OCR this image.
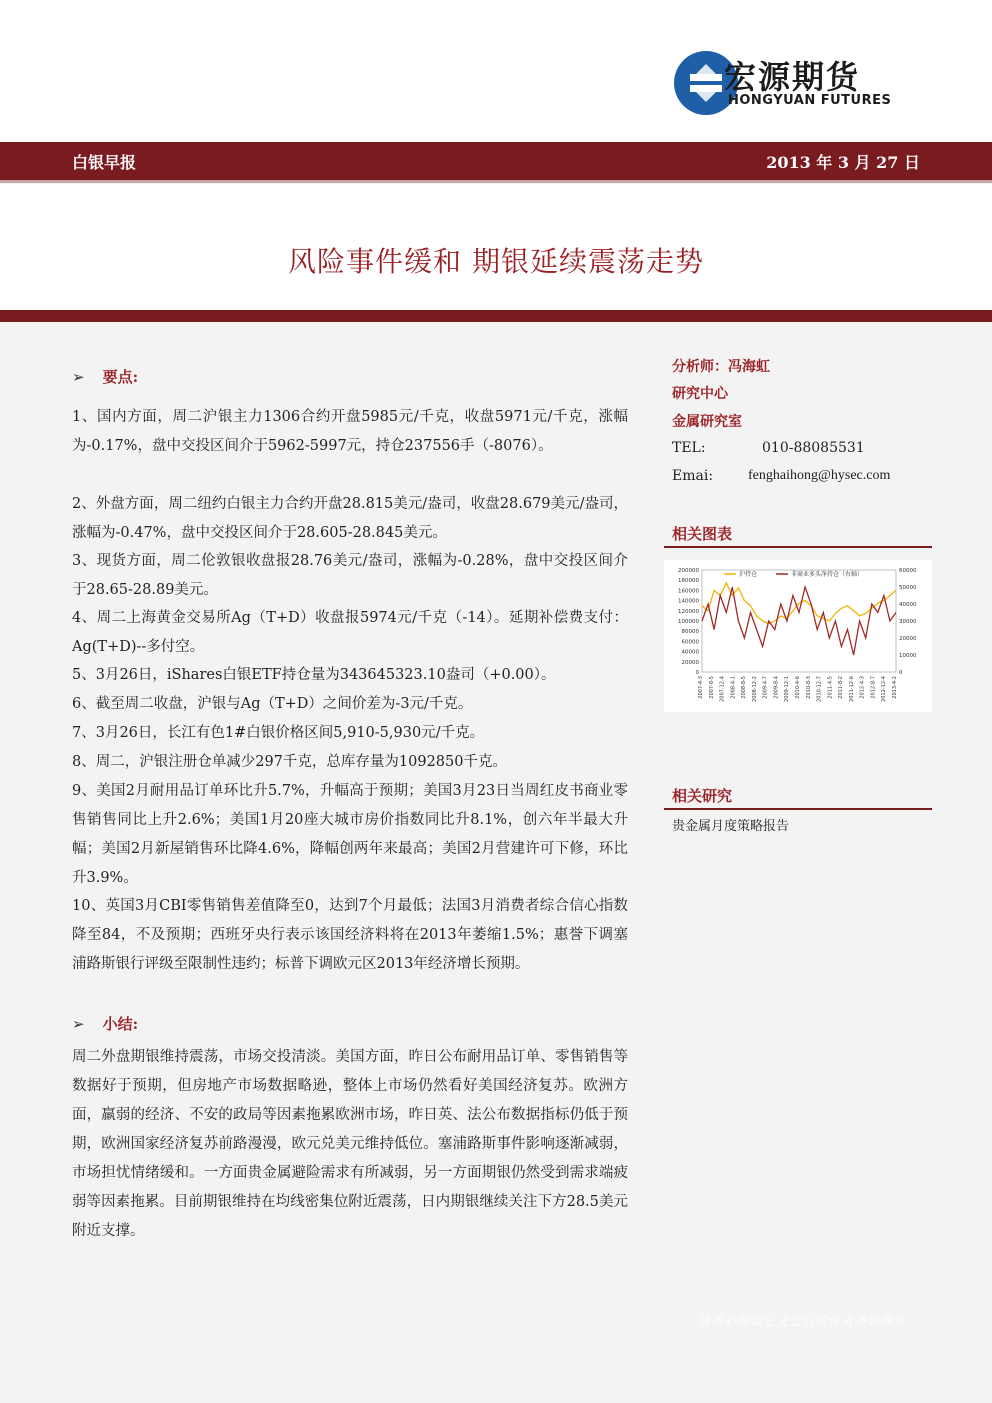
宏源期货
HONGYUAN FUTURES
白银早报	2013 年 3 月 27 日
风险事件缓和 期银延续震荡走势
➢ 要点:
1、国内方面，周二沪银主力1306合约开盘5985元/千克，收盘5971元/千克，涨幅为-0.17%，盘中交投区间介于5962-5997元，持仓237556手（-8076）。
2、外盘方面，周二纽约白银主力合约开盘28.815美元/盎司，收盘28.679美元/盎司，涨幅为-0.47%，盘中交投区间介于28.605-28.845美元。
3、现货方面，周二伦敦银收盘报28.76美元/盎司，涨幅为-0.28%，盘中交投区间介于28.65-28.89美元。
4、周二上海黄金交易所Ag（T+D）收盘报5974元/千克（-14）。延期补偿费支付：Ag(T+D)--多付空。
5、3月26日，iShares白银ETF持仓量为343645323.10盎司（+0.00）。
6、截至周二收盘，沪银与Ag（T+D）之间价差为-3元/千克。
7、3月26日，长江有色1#白银价格区间5,910-5,930元/千克。
8、周二，沪银注册仓单减少297千克，总库存量为1092850千克。
9、美国2月耐用品订单环比升5.7%，升幅高于预期；美国3月23日当周红皮书商业零售销售同比上升2.6%；美国1月20座大城市房价指数同比升8.1%，创六年半最大升幅；美国2月新屋销售环比降4.6%，降幅创两年来最高；美国2月营建许可下修，环比升3.9%。
10、英国3月CBI零售销售差值降至0，达到7个月最低；法国3月消费者综合信心指数降至84，不及预期；西班牙央行表示该国经济料将在2013年萎缩1.5%；惠誉下调塞浦路斯银行评级至限制性违约；标普下调欧元区2013年经济增长预期。
➢ 小结:
周二外盘期银维持震荡，市场交投清淡。美国方面，昨日公布耐用品订单、零售销售等数据好于预期，但房地产市场数据略逊，整体上市场仍然看好美国经济复苏。欧洲方面，羸弱的经济、不安的政局等因素拖累欧洲市场，昨日英、法公布数据指标仍低于预期，欧洲国家经济复苏前路漫漫，欧元兑美元维持低位。塞浦路斯事件影响逐渐减弱，市场担忧情绪缓和。一方面贵金属避险需求有所减弱，另一方面期银仍然受到需求端疲弱等因素拖累。目前期银维持在均线密集位附近震荡，日内期银继续关注下方28.5美元附近支撑。
分析师：冯海虹
研究中心
金属研究室
TEL:	010-88085531
Emai: fenghaihong@hysec.com
相关图表
200000
180000
160000
140000
120000
100000
80000
60000
40000
20000
0
60000
50000
40000
30000
20000
10000
0
2007-4-3 2007-8-5 2007-12-4 2008-4-1 2008-8-5 2008-12-2 2009-4-7 2009-8-4 2009-12-1 2010-4-6 2010-8-3 2010-12-7 2011-4-5 2011-8-2 2011-12-6 2012-4-3 2012-8-7 2012-12-4 2013-4-2
沪持仓	非商业多头净持仓（右轴）
相关研究
贵金属月度策略报告
请务必阅读正文之后的免责条款部分
